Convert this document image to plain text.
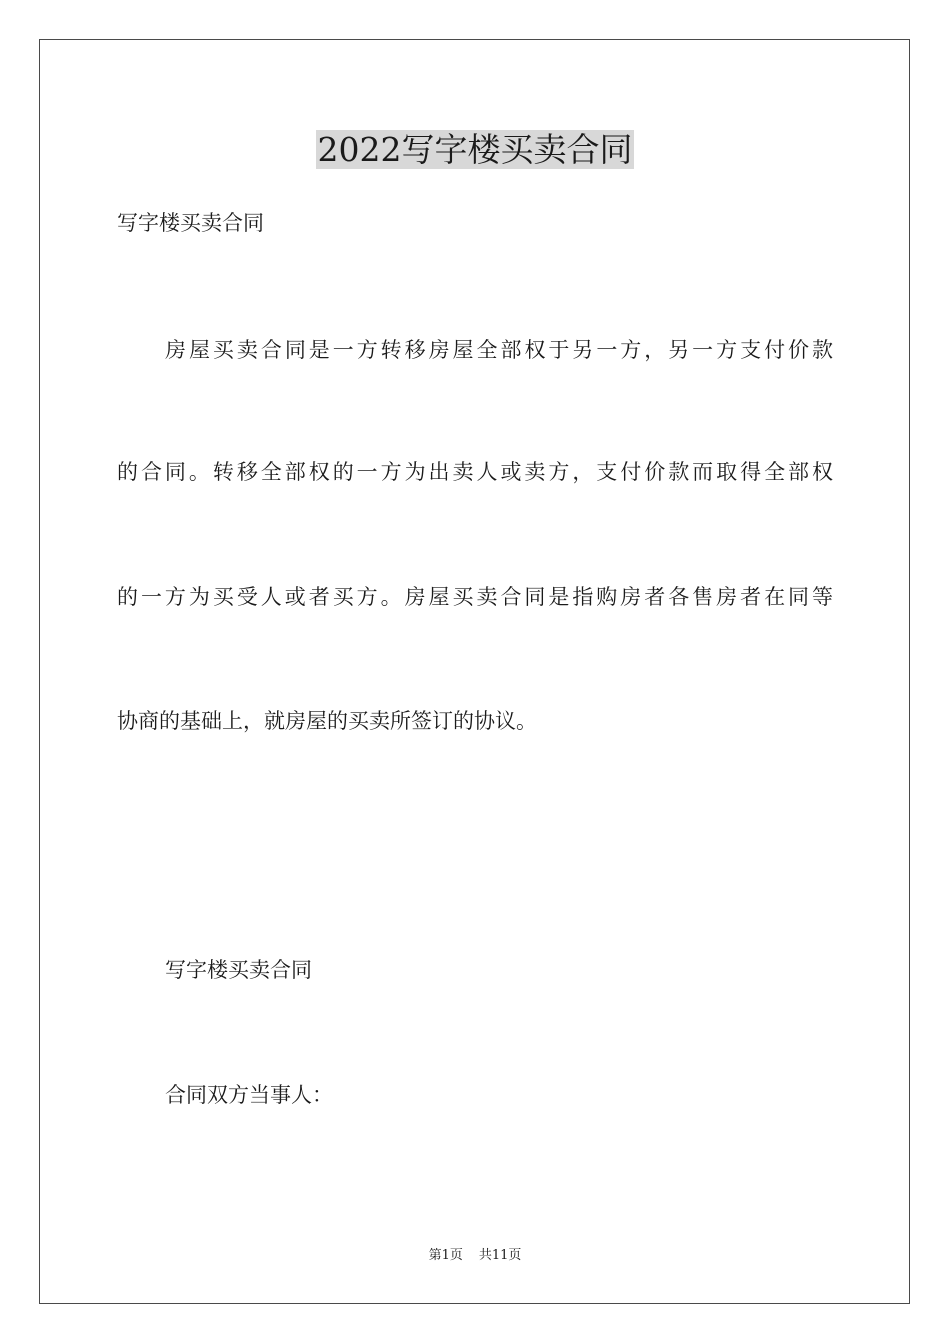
2022写字楼买卖合同
写字楼买卖合同
房屋买卖合同是一方转移房屋全部权于另一方，另一方支付价款
的合同。转移全部权的一方为出卖人或卖方，支付价款而取得全部权
的一方为买受人或者买方。房屋买卖合同是指购房者各售房者在同等
协商的基础上，就房屋的买卖所签订的协议。
写字楼买卖合同
合同双方当事人：
第1页 共11页
